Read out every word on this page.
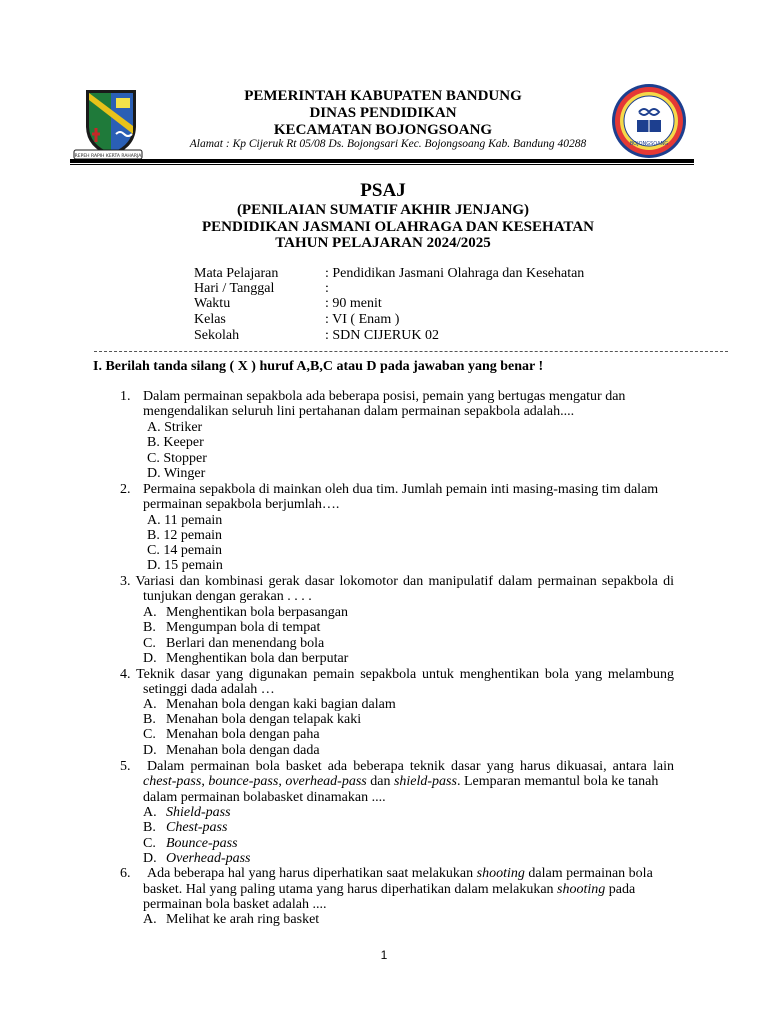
REPEH RAPIH KERTA RAHARJA
BOJONGSOANG
PEMERINTAH KABUPATEN BANDUNG
DINAS PENDIDIKAN
KECAMATAN BOJONGSOANG
Alamat : Kp Cijeruk Rt 05/08 Ds. Bojongsari Kec. Bojongsoang Kab. Bandung 40288
PSAJ
(PENILAIAN SUMATIF AKHIR JENJANG)
PENDIDIKAN JASMANI OLAHRAGA DAN KESEHATAN
TAHUN PELAJARAN 2024/2025
Mata Pelajaran	: Pendidikan Jasmani Olahraga dan Kesehatan
Hari / Tanggal	:
Waktu	: 90 menit
Kelas	: VI ( Enam )
Sekolah	: SDN CIJERUK 02
I. Berilah tanda silang ( X ) huruf A,B,C atau D pada jawaban yang benar !
1. Dalam permainan sepakbola ada beberapa posisi, pemain yang bertugas mengatur dan
mengendalikan seluruh lini pertahanan dalam permainan sepakbola adalah....
A. Striker
B. Keeper
C. Stopper
D. Winger
2. Permaina sepakbola di mainkan oleh dua tim. Jumlah pemain inti masing-masing tim dalam
permainan sepakbola berjumlah….
A. 11 pemain
B. 12 pemain
C. 14 pemain
D. 15 pemain
3. Variasi dan kombinasi gerak dasar lokomotor dan manipulatif dalam permainan sepakbola di
tunjukan dengan gerakan . . . .
A. Menghentikan bola berpasangan
B. Mengumpan bola di tempat
C. Berlari dan menendang bola
D. Menghentikan bola dan berputar
4. Teknik dasar yang digunakan pemain sepakbola untuk menghentikan bola yang melambung
setinggi dada adalah …
A. Menahan bola dengan kaki bagian dalam
B. Menahan bola dengan telapak kaki
C. Menahan bola dengan paha
D. Menahan bola dengan dada
5. Dalam permainan bola basket ada beberapa teknik dasar yang harus dikuasai, antara lain
chest-pass, bounce-pass, overhead-pass dan shield-pass. Lemparan memantul bola ke tanah
dalam permainan bolabasket dinamakan ....
A. Shield-pass
B. Chest-pass
C. Bounce-pass
D. Overhead-pass
6. Ada beberapa hal yang harus diperhatikan saat melakukan shooting dalam permainan bola
basket. Hal yang paling utama yang harus diperhatikan dalam melakukan shooting pada
permainan bola basket adalah ....
A. Melihat ke arah ring basket
1
